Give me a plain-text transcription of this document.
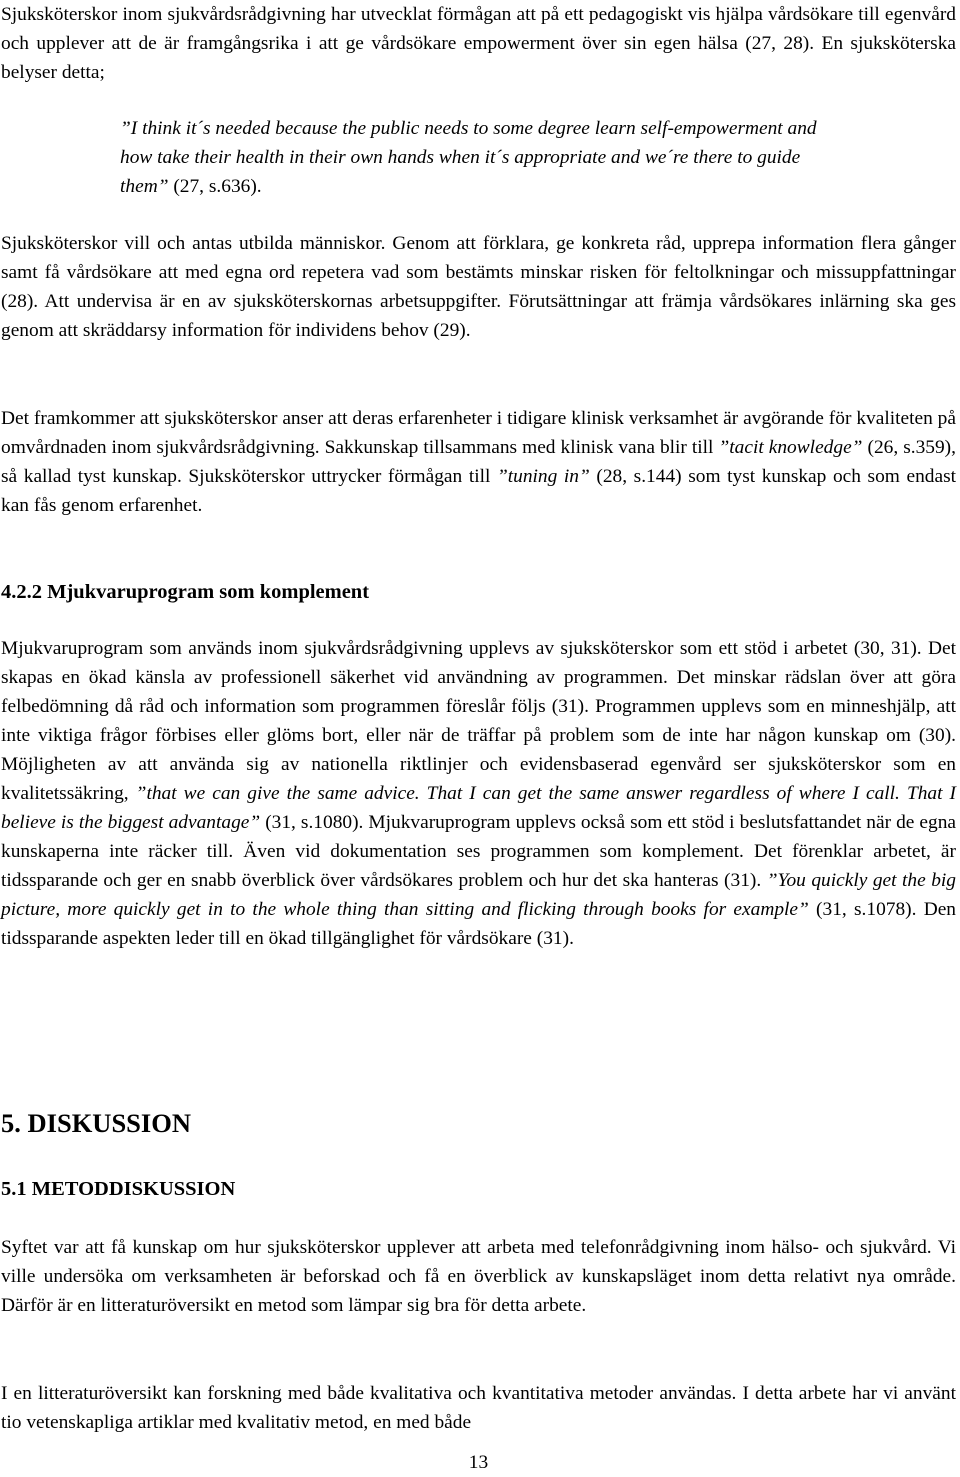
Sjuksköterskor inom sjukvårdsrådgivning har utvecklat förmågan att på ett pedagogiskt vis hjälpa vårdsökare till egenvård och upplever att de är framgångsrika i att ge vårdsökare empowerment över sin egen hälsa (27, 28). En sjuksköterska belyser detta;

”I think it´s needed because the public needs to some degree learn self-empowerment and how take their health in their own hands when it´s appropriate and we´re there to guide them” (27, s.636).

Sjuksköterskor vill och antas utbilda människor. Genom att förklara, ge konkreta råd, upprepa information flera gånger samt få vårdsökare att med egna ord repetera vad som bestämts minskar risken för feltolkningar och missuppfattningar (28). Att undervisa är en av sjuksköterskornas arbetsuppgifter. Förutsättningar att främja vårdsökares inlärning ska ges genom att skräddarsy information för individens behov (29).

Det framkommer att sjuksköterskor anser att deras erfarenheter i tidigare klinisk verksamhet är avgörande för kvaliteten på omvårdnaden inom sjukvårdsrådgivning. Sakkunskap tillsammans med klinisk vana blir till ”tacit knowledge” (26, s.359), så kallad tyst kunskap. Sjuksköterskor uttrycker förmågan till ”tuning in” (28, s.144) som tyst kunskap och som endast kan fås genom erfarenhet.

4.2.2 Mjukvaruprogram som komplement

Mjukvaruprogram som används inom sjukvårdsrådgivning upplevs av sjuksköterskor som ett stöd i arbetet (30, 31). Det skapas en ökad känsla av professionell säkerhet vid användning av programmen. Det minskar rädslan över att göra felbedömning då råd och information som programmen föreslår följs (31). Programmen upplevs som en minneshjälp, att inte viktiga frågor förbises eller glöms bort, eller när de träffar på problem som de inte har någon kunskap om (30). Möjligheten av att använda sig av nationella riktlinjer och evidensbaserad egenvård ser sjuksköterskor som en kvalitetssäkring, ”that we can give the same advice. That I can get the same answer regardless of where I call. That I believe is the biggest advantage” (31, s.1080). Mjukvaruprogram upplevs också som ett stöd i beslutsfattandet när de egna kunskaperna inte räcker till. Även vid dokumentation ses programmen som komplement. Det förenklar arbetet, är tidssparande och ger en snabb överblick över vårdsökares problem och hur det ska hanteras (31). ”You quickly get the big picture, more quickly get in to the whole thing than sitting and flicking through books for example” (31, s.1078). Den tidssparande aspekten leder till en ökad tillgänglighet för vårdsökare (31).

5. DISKUSSION
5.1 METODDISKUSSION

Syftet var att få kunskap om hur sjuksköterskor upplever att arbeta med telefonrådgivning inom hälso- och sjukvård. Vi ville undersöka om verksamheten är beforskad och få en överblick av kunskapsläget inom detta relativt nya område. Därför är en litteraturöversikt en metod som lämpar sig bra för detta arbete.

I en litteraturöversikt kan forskning med både kvalitativa och kvantitativa metoder användas. I detta arbete har vi använt tio vetenskapliga artiklar med kvalitativ metod, en med både

13
